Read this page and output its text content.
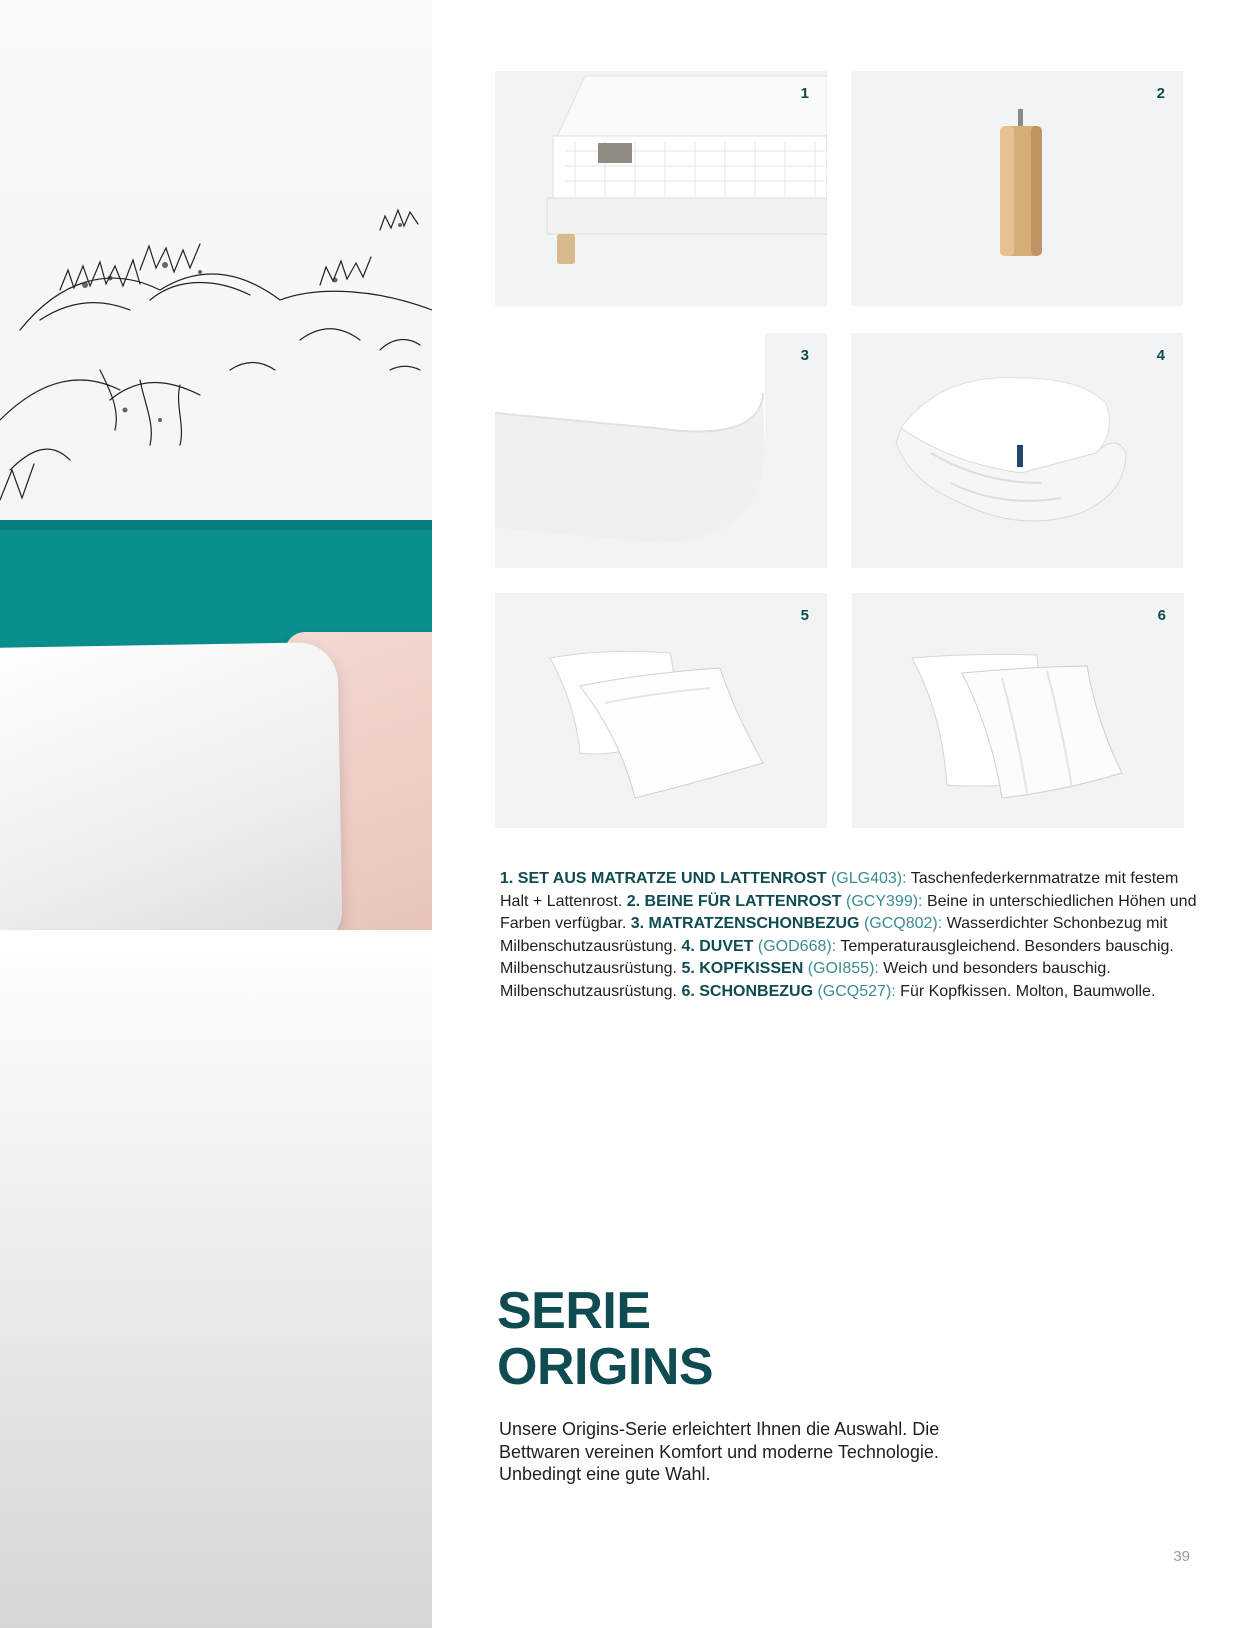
1	2
3	4
5	6
1. SET AUS MATRATZE UND LATTENROST (GLG403): Taschenfederkernmatratze mit festem Halt + Lattenrost. 2. BEINE FÜR LATTENROST (GCY399): Beine in unterschiedlichen Höhen und Farben verfügbar. 3. MATRATZENSCHONBEZUG (GCQ802): Wasserdichter Schonbezug mit Milbenschutzausrüstung. 4. DUVET (GOD668): Temperaturausgleichend. Besonders bauschig. Milbenschutzausrüstung. 5. KOPFKISSEN (GOI855): Weich und besonders bauschig. Milbenschutzausrüstung. 6. SCHONBEZUG (GCQ527): Für Kopfkissen. Molton, Baumwolle.
SERIE
ORIGINS
Unsere Origins-Serie erleichtert Ihnen die Auswahl. Die Bettwaren vereinen Komfort und moderne Technologie. Unbedingt eine gute Wahl.
39
